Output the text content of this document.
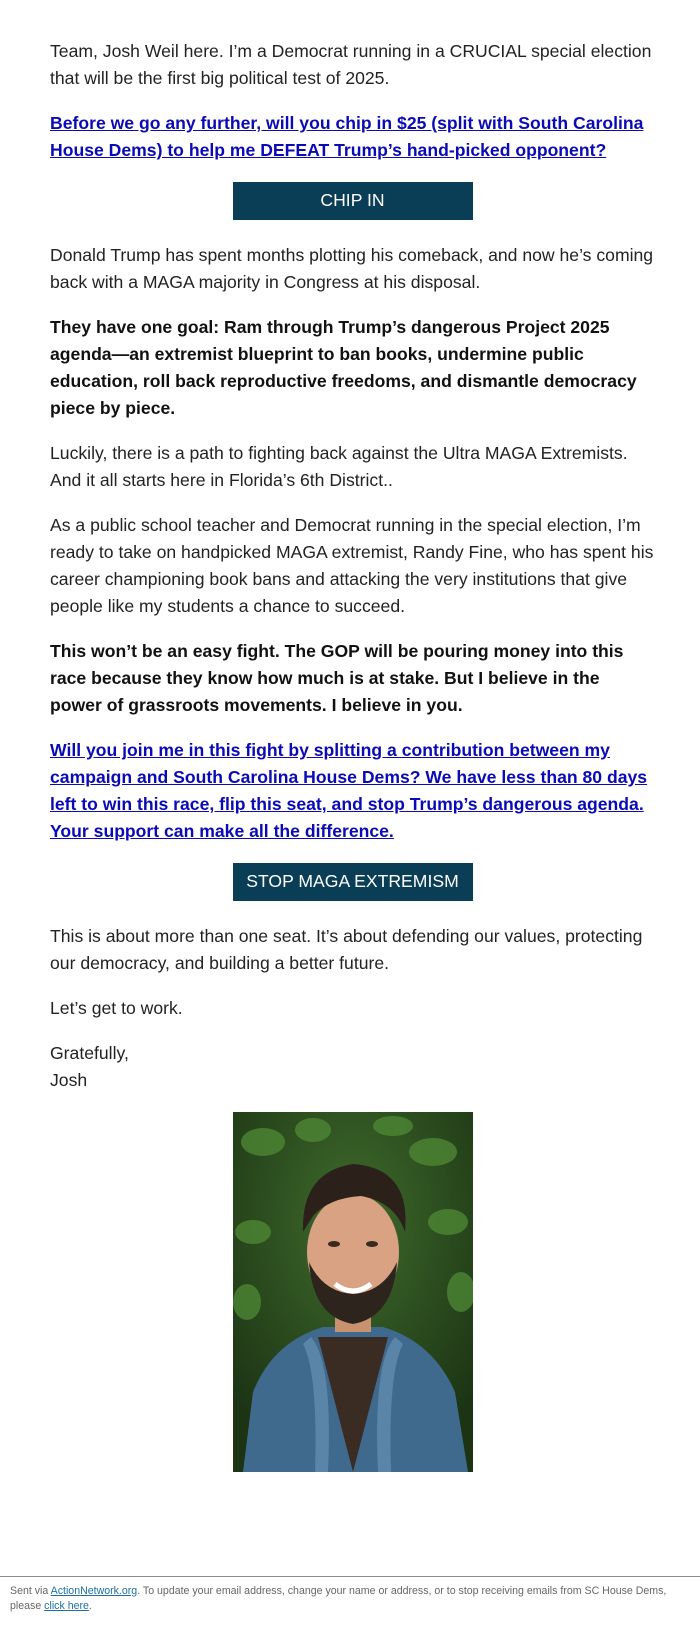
Team, Josh Weil here. I’m a Democrat running in a CRUCIAL special election that will be the first big political test of 2025.

Before we go any further, will you chip in $25 (split with South Carolina House Dems) to help me DEFEAT Trump’s hand-picked opponent?
CHIP IN

Donald Trump has spent months plotting his comeback, and now he’s coming back with a MAGA majority in Congress at his disposal.

They have one goal: Ram through Trump’s dangerous Project 2025 agenda—an extremist blueprint to ban books, undermine public education, roll back reproductive freedoms, and dismantle democracy piece by piece.

Luckily, there is a path to fighting back against the Ultra MAGA Extremists. And it all starts here in Florida’s 6th District..

As a public school teacher and Democrat running in the special election, I’m ready to take on handpicked MAGA extremist, Randy Fine, who has spent his career championing book bans and attacking the very institutions that give people like my students a chance to succeed.

This won’t be an easy fight. The GOP will be pouring money into this race because they know how much is at stake. But I believe in the power of grassroots movements. I believe in you.

Will you join me in this fight by splitting a contribution between my campaign and South Carolina House Dems? We have less than 80 days left to win this race, flip this seat, and stop Trump’s dangerous agenda. Your support can make all the difference.
STOP MAGA EXTREMISM

This is about more than one seat. It’s about defending our values, protecting our democracy, and building a better future.

Let’s get to work.

Gratefully,
Josh

Sent via ActionNetwork.org. To update your email address, change your name or address, or to stop receiving emails from SC House Dems, please click here.
